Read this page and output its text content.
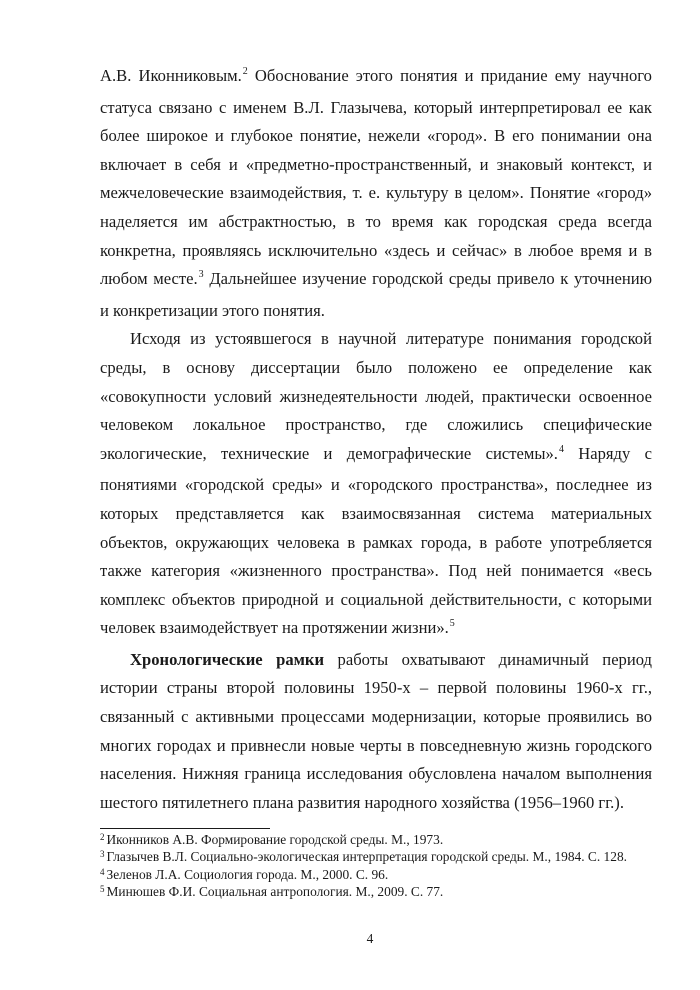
А.В. Иконниковым.$^2$ Обоснование этого понятия и придание ему научного статуса связано с именем В.Л. Глазычева, который интерпретировал ее как более широкое и глубокое понятие, нежели «город». В его понимании она включает в себя и «предметно-пространственный, и знаковый контекст, и межчеловеческие взаимодействия, т. е. культуру в целом». Понятие «город» наделяется им абстрактностью, в то время как городская среда всегда конкретна, проявляясь исключительно «здесь и сейчас» в любое время и в любом месте.$^3$ Дальнейшее изучение городской среды привело к уточнению и конкретизации этого понятия.

Исходя из устоявшегося в научной литературе понимания городской среды, в основу диссертации было положено ее определение как «совокупности условий жизнедеятельности людей, практически освоенное человеком локальное пространство, где сложились специфические экологические, технические и демографические системы».$^4$ Наряду с понятиями «городской среды» и «городского пространства», последнее из которых представляется как взаимосвязанная система материальных объектов, окружающих человека в рамках города, в работе употребляется также категория «жизненного пространства». Под ней понимается «весь комплекс объектов природной и социальной действительности, с которыми человек взаимодействует на протяжении жизни».$^5$

Хронологические рамки работы охватывают динамичный период истории страны второй половины 1950-х – первой половины 1960-х гг., связанный с активными процессами модернизации, которые проявились во многих городах и привнесли новые черты в повседневную жизнь городского населения. Нижняя граница исследования обусловлена началом выполнения шестого пятилетнего плана развития народного хозяйства (1956–1960 гг.).

$^2$ Иконников А.В. Формирование городской среды. М., 1973.

$^3$ Глазычев В.Л. Социально-экологическая интерпретация городской среды. М., 1984. С. 128.

$^4$ Зеленов Л.А. Социология города. М., 2000. С. 96.

$^5$ Минюшев Ф.И. Социальная антропология. М., 2009. С. 77.

4
